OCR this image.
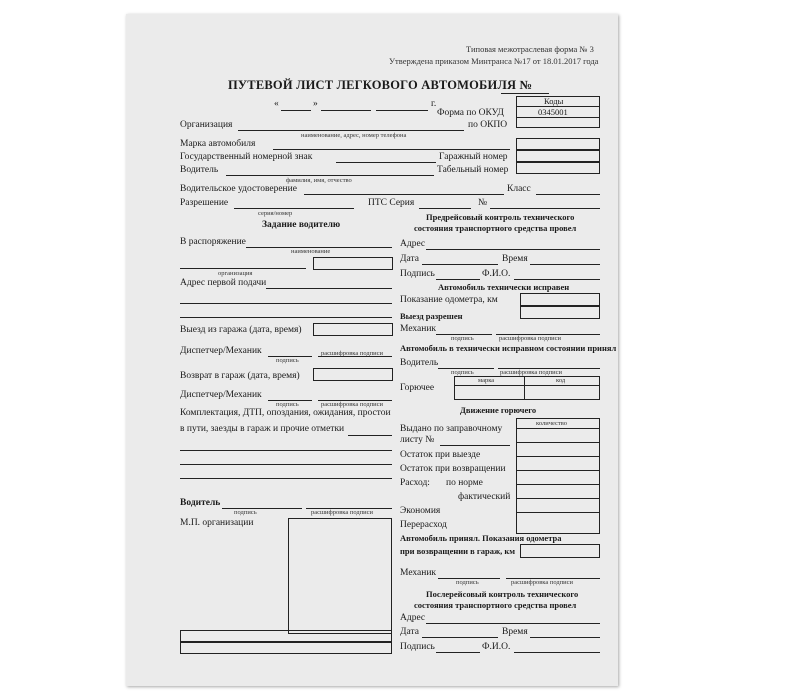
Типовая межотраслевая форма № 3
Утверждена приказом Минтранса №17 от 18.01.2017 года
ПУТЕВОЙ ЛИСТ ЛЕГКОВОГО АВТОМОБИЛЯ №
«	»	г.	Коды
0345001
Форма по ОКУД
по ОКПО
Организация
наименование, адрес, номер телефона
Марка автомобиля
Государственный номерной знак	Гаражный номер
Водитель
фамилия, имя, отчество
Табельный номер
Водительское удостоверение	Класс
Разрешение
серия/номер
ПТС Серия	№
Задание водителю
В распоряжение
наименование
организация
Адрес первой подачи
Выезд из гаража (дата, время)
Диспетчер/Механик
подпись
расшифровка подписи
Возврат в гараж (дата, время)
Диспетчер/Механик
подпись	расшифровка подписи
Комплектация, ДТП, опоздания, ожидания, простои
в пути, заезды в гараж и прочие отметки
Водитель
подпись	расшифровка подписи
М.П. организации
Предрейсовый контроль технического
состояния транспортного средства провел
Адрес
Дата	Время
Подпись	Ф.И.О.
Автомобиль технически исправен
Показание одометра, км
Выезд разрешен
Механик
подпись	расшифровка подписи
Автомобиль в технически исправном состоянии принял
Водитель
подпись	расшифровка подписи
Горючее
марка	код
Движение горючего
количество
Выдано по заправочному
листу №
Остаток при выезде
Остаток при возвращении
Расход: по норме
фактический
Экономия
Перерасход
Автомобиль принял. Показания одометра
при возвращении в гараж, км
Механик
подпись	расшифровка подписи
Послерейсовый контроль технического
состояния транспортного средства провел
Адрес
Дата	Время
Подпись	Ф.И.О.
